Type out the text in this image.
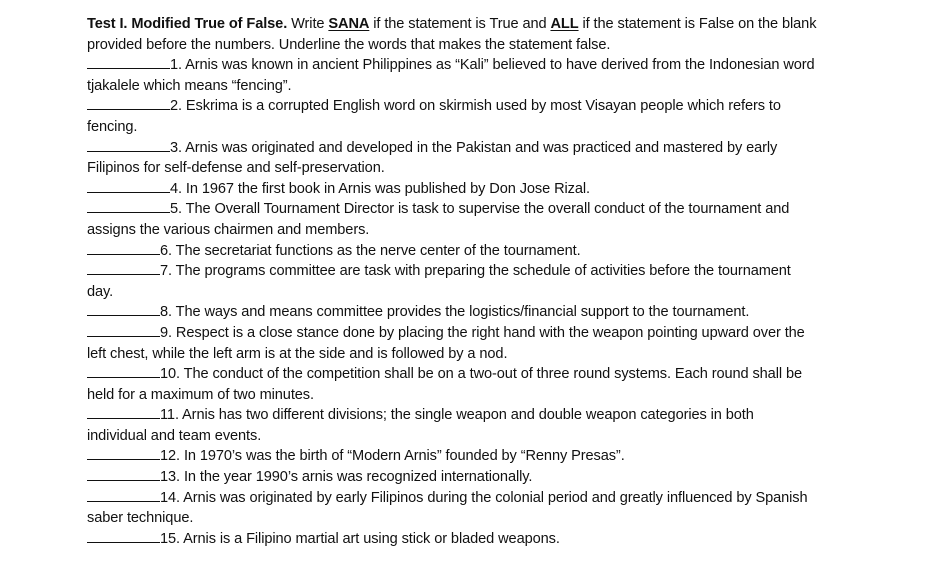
Test I. Modified True of False. Write SANA if the statement is True and ALL if the statement is False on the blank
provided before the numbers. Underline the words that makes the statement false.
1. Arnis was known in ancient Philippines as “Kali” believed to have derived from the Indonesian word
tjakalele which means “fencing”.
2. Eskrima is a corrupted English word on skirmish used by most Visayan people which refers to
fencing.
3. Arnis was originated and developed in the Pakistan and was practiced and mastered by early
Filipinos for self-defense and self-preservation.
4. In 1967 the first book in Arnis was published by Don Jose Rizal.
5. The Overall Tournament Director is task to supervise the overall conduct of the tournament and
assigns the various chairmen and members.
6. The secretariat functions as the nerve center of the tournament.
7. The programs committee are task with preparing the schedule of activities before the tournament
day.
8. The ways and means committee provides the logistics/financial support to the tournament.
9. Respect is a close stance done by placing the right hand with the weapon pointing upward over the
left chest, while the left arm is at the side and is followed by a nod.
10. The conduct of the competition shall be on a two-out of three round systems. Each round shall be
held for a maximum of two minutes.
11. Arnis has two different divisions; the single weapon and double weapon categories in both
individual and team events.
12. In 1970’s was the birth of “Modern Arnis” founded by “Renny Presas”.
13. In the year 1990’s arnis was recognized internationally.
14. Arnis was originated by early Filipinos during the colonial period and greatly influenced by Spanish
saber technique.
15. Arnis is a Filipino martial art using stick or bladed weapons.
